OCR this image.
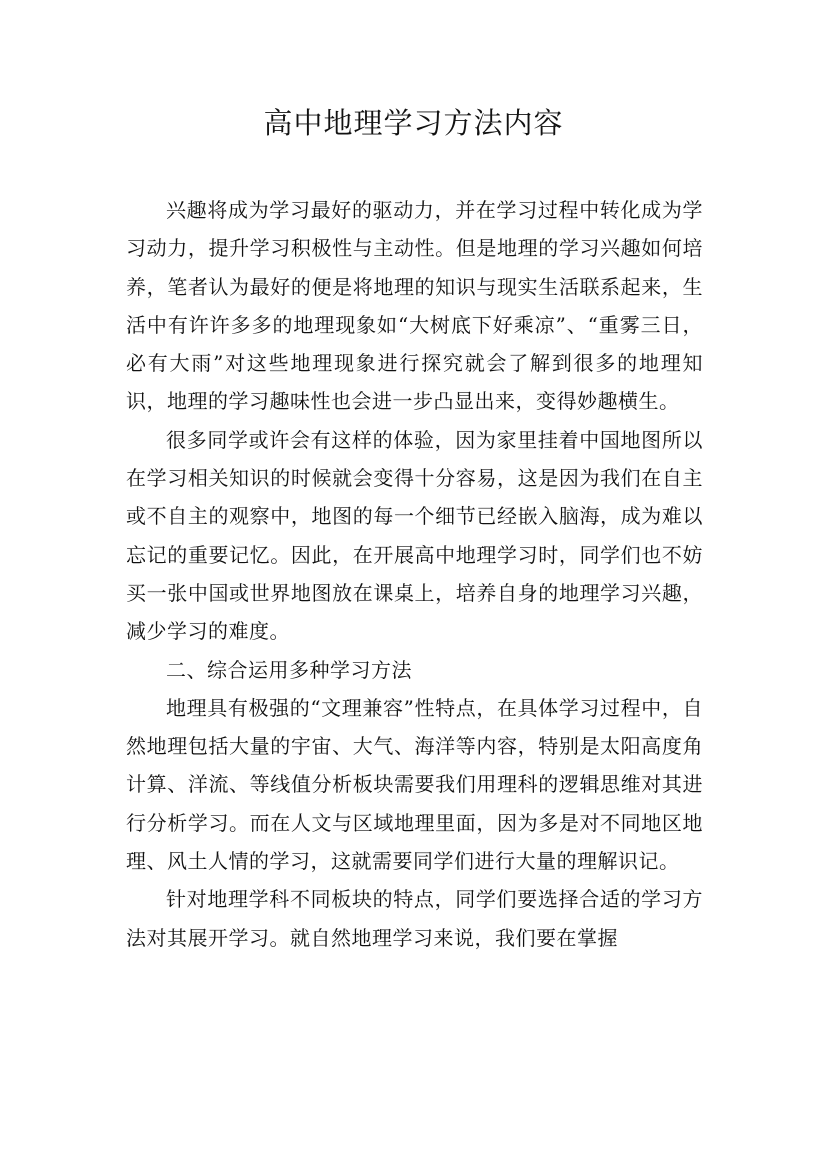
高中地理学习方法内容

兴趣将成为学习最好的驱动力，并在学习过程中转化成为学习动力，提升学习积极性与主动性。但是地理的学习兴趣如何培养，笔者认为最好的便是将地理的知识与现实生活联系起来，生活中有许许多多的地理现象如“大树底下好乘凉”、“重雾三日，必有大雨”对这些地理现象进行探究就会了解到很多的地理知识，地理的学习趣味性也会进一步凸显出来，变得妙趣横生。

很多同学或许会有这样的体验，因为家里挂着中国地图所以在学习相关知识的时候就会变得十分容易，这是因为我们在自主或不自主的观察中，地图的每一个细节已经嵌入脑海，成为难以忘记的重要记忆。因此，在开展高中地理学习时，同学们也不妨买一张中国或世界地图放在课桌上，培养自身的地理学习兴趣，减少学习的难度。

二、综合运用多种学习方法

地理具有极强的“文理兼容”性特点，在具体学习过程中，自然地理包括大量的宇宙、大气、海洋等内容，特别是太阳高度角计算、洋流、等线值分析板块需要我们用理科的逻辑思维对其进行分析学习。而在人文与区域地理里面，因为多是对不同地区地理、风土人情的学习，这就需要同学们进行大量的理解识记。

针对地理学科不同板块的特点，同学们要选择合适的学习方法对其展开学习。就自然地理学习来说，我们要在掌握
